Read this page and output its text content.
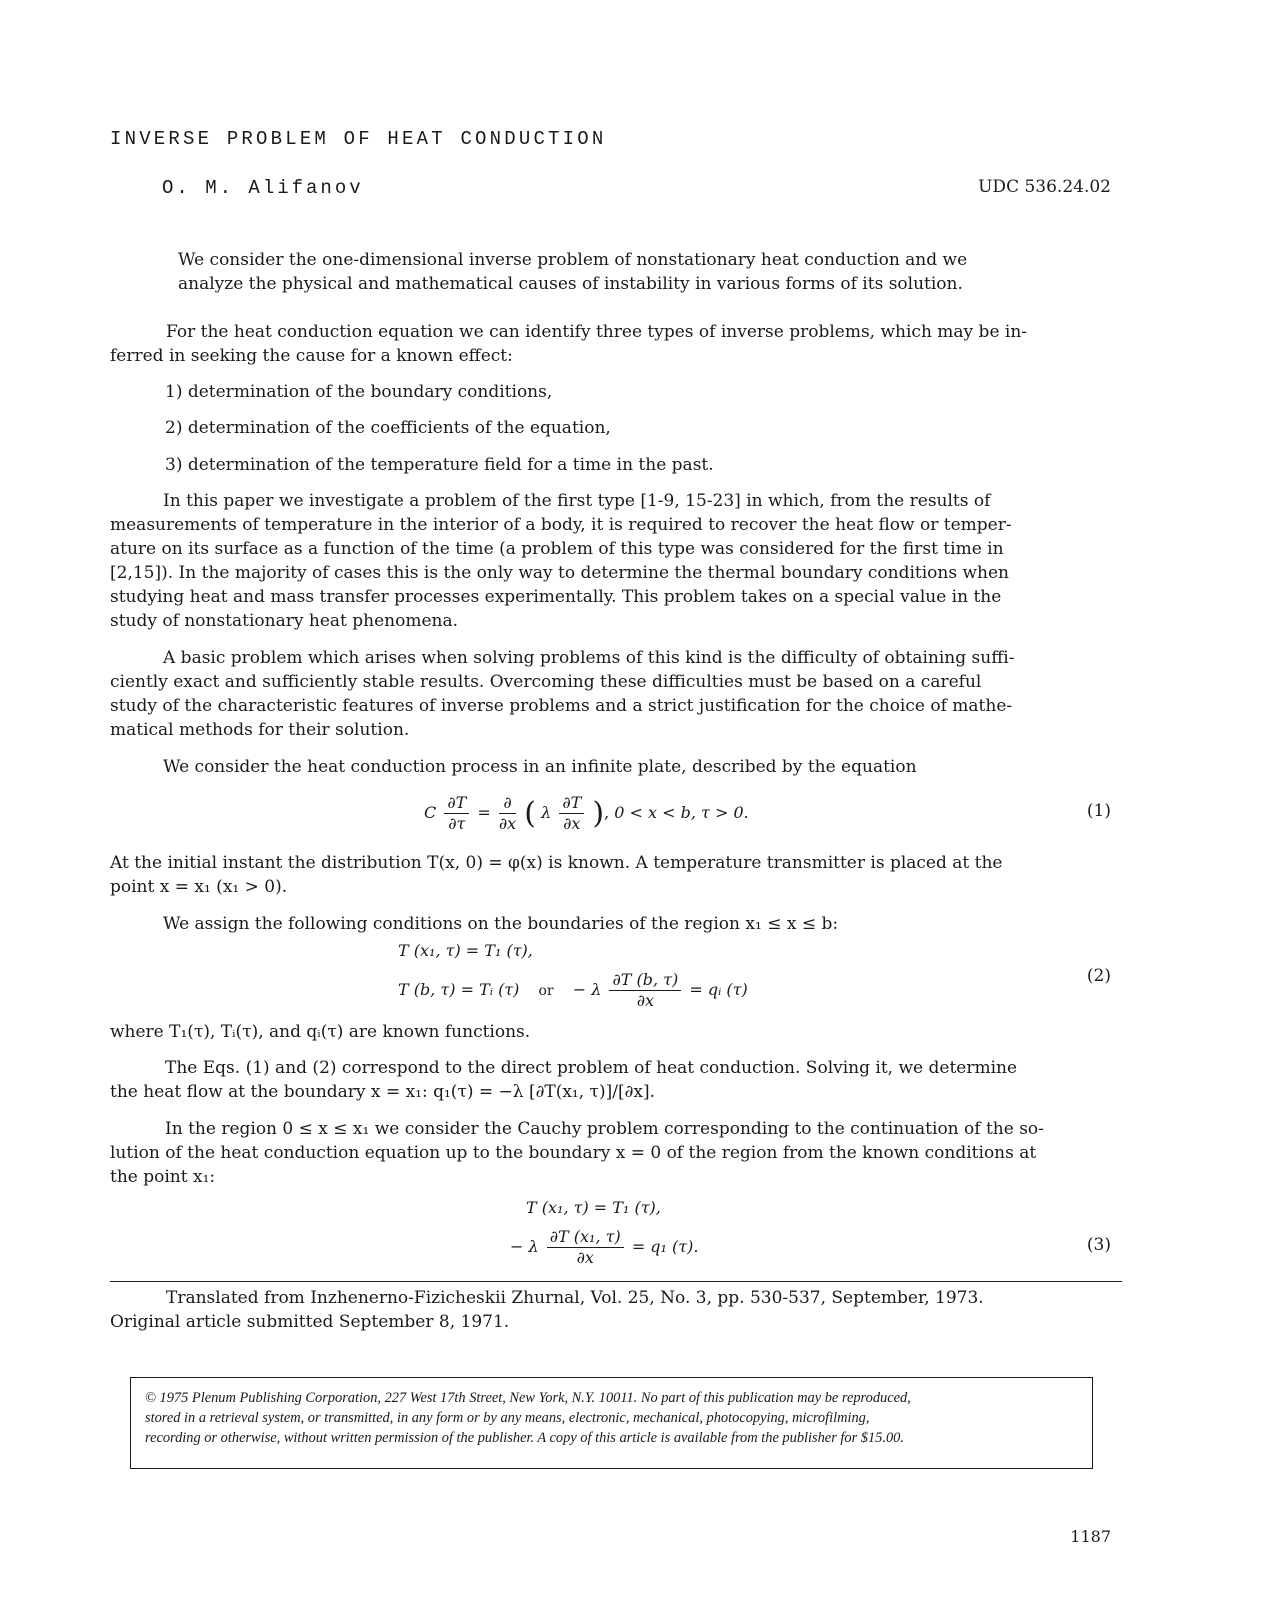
INVERSE PROBLEM OF HEAT CONDUCTION
O. M. Alifanov	UDC 536.24.02
We consider the one-dimensional inverse problem of nonstationary heat conduction and we
analyze the physical and mathematical causes of instability in various forms of its solution.
For the heat conduction equation we can identify three types of inverse problems, which may be in-
ferred in seeking the cause for a known effect:
1) determination of the boundary conditions,
2) determination of the coefficients of the equation,
3) determination of the temperature field for a time in the past.
In this paper we investigate a problem of the first type [1-9, 15-23] in which, from the results of
measurements of temperature in the interior of a body, it is required to recover the heat flow or temper-
ature on its surface as a function of the time (a problem of this type was considered for the first time in
[2,15]). In the majority of cases this is the only way to determine the thermal boundary conditions when
studying heat and mass transfer processes experimentally. This problem takes on a special value in the
study of nonstationary heat phenomena.
A basic problem which arises when solving problems of this kind is the difficulty of obtaining suffi-
ciently exact and sufficiently stable results. Overcoming these difficulties must be based on a careful
study of the characteristic features of inverse problems and a strict justification for the choice of mathe-
matical methods for their solution.
We consider the heat conduction process in an infinite plate, described by the equation
C $\frac{\partial T}{\partial\tau} = \frac{\partial}{\partial x}$ ( λ $\frac{\partial T}{\partial x}$ ), 0 < x < b, τ > 0.	(1)
At the initial instant the distribution T(x, 0) = φ(x) is known. A temperature transmitter is placed at the
point x = x₁ (x₁ > 0).
We assign the following conditions on the boundaries of the region x₁ ≤ x ≤ b:
T (x₁, τ) = T₁ (τ),
T (b, τ) = Tᵢ (τ) or − λ $\frac{\partial T (b, \tau)}{\partial x}$ = qᵢ (τ)
(2)
where T₁(τ), Tᵢ(τ), and qᵢ(τ) are known functions.
The Eqs. (1) and (2) correspond to the direct problem of heat conduction. Solving it, we determine
the heat flow at the boundary x = x₁: q₁(τ) = −λ [∂T(x₁, τ)]/[∂x].
In the region 0 ≤ x ≤ x₁ we consider the Cauchy problem corresponding to the continuation of the so-
lution of the heat conduction equation up to the boundary x = 0 of the region from the known conditions at
the point x₁:
T (x₁, τ) = T₁ (τ),
− λ $\frac{\text{∂T (x₁, τ)}}{\partial x} = q_1$ (τ).	(3)
Translated from Inzhenerno-Fizicheskii Zhurnal, Vol. 25, No. 3, pp. 530-537, September, 1973.
Original article submitted September 8, 1971.
© 1975 Plenum Publishing Corporation, 227 West 17th Street, New York, N.Y. 10011. No part of this publication may be reproduced,
stored in a retrieval system, or transmitted, in any form or by any means, electronic, mechanical, photocopying, microfilming,
recording or otherwise, without written permission of the publisher. A copy of this article is available from the publisher for $15.00.
1187
